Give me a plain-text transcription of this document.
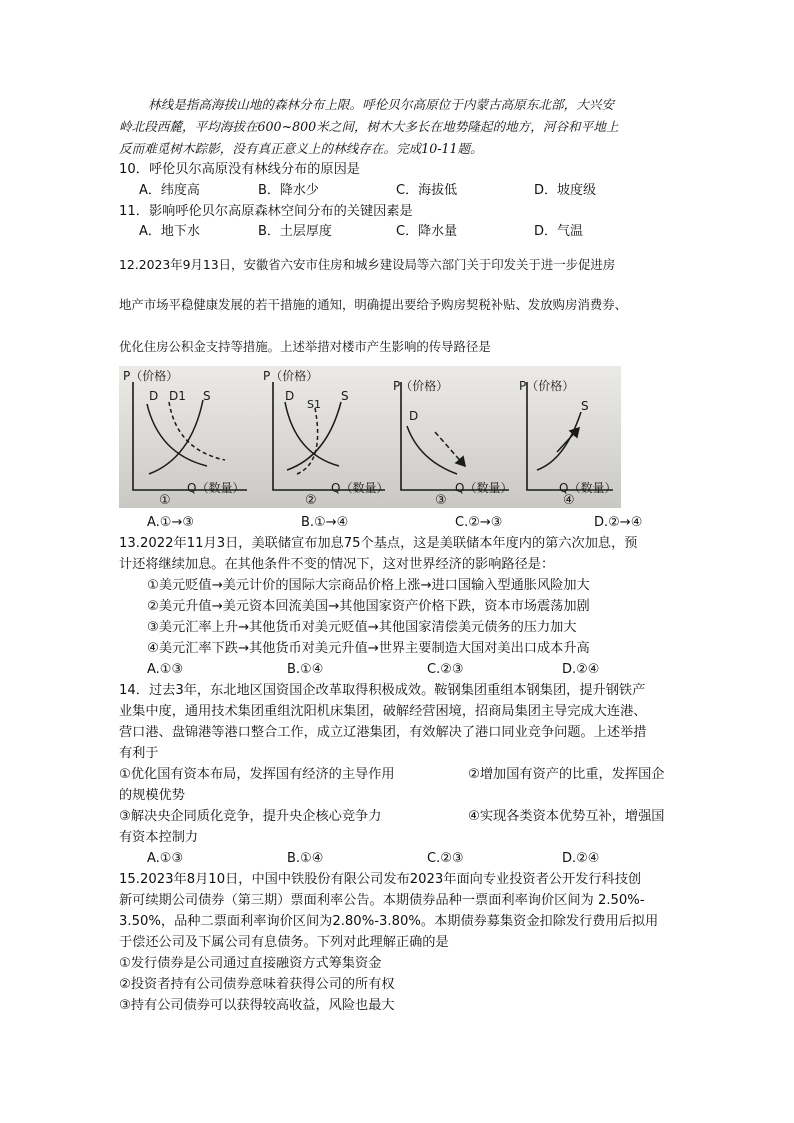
林线是指高海拔山地的森林分布上限。呼伦贝尔高原位于内蒙古高原东北部，大兴安
岭北段西麓，平均海拔在600~800米之间，树木大多长在地势隆起的地方，河谷和平地上
反而难觅树木踪影，没有真正意义上的林线存在。完成10-11题。
10．呼伦贝尔高原没有林线分布的原因是
A．纬度高	B．降水少	C．海拔低	D．坡度级
11．影响呼伦贝尔高原森林空间分布的关键因素是
A．地下水	B．土层厚度	C．降水量	D．气温
12.2023年9月13日，安徽省六安市住房和城乡建设局等六部门关于印发关于进一步促进房
地产市场平稳健康发展的若干措施的通知，明确提出要给予购房契税补贴、发放购房消费券、
优化住房公积金支持等措施。上述举措对楼市产生影响的传导路径是
P（价格）
Q（数量）
①
D D1 S
P（价格）
Q（数量）
②
D
S1
S
P（价格）
Q（数量）
③
D
P（价格）
Q（数量）
④
S
A.①→③	B.①→④	C.②→③	D.②→④
13.2022年11月3日，美联储宣布加息75个基点，这是美联储本年度内的第六次加息，预
计还将继续加息。在其他条件不变的情况下，这对世界经济的影响路径是：
①美元贬值→美元计价的国际大宗商品价格上涨→进口国输入型通胀风险加大
②美元升值→美元资本回流美国→其他国家资产价格下跌，资本市场震荡加剧
③美元汇率上升→其他货币对美元贬值→其他国家清偿美元债务的压力加大
④美元汇率下跌→其他货币对美元升值→世界主要制造大国对美出口成本升高
A.①③	B.①④	C.②③	D.②④
14．过去3年，东北地区国资国企改革取得积极成效。鞍钢集团重组本钢集团，提升钢铁产
业集中度，通用技术集团重组沈阳机床集团，破解经营困境，招商局集团主导完成大连港、
营口港、盘锦港等港口整合工作，成立辽港集团，有效解决了港口同业竞争问题。上述举措
有利于
①优化国有资本布局，发挥国有经济的主导作用	②增加国有资产的比重，发挥国企
的规模优势
③解决央企同质化竞争，提升央企核心竞争力	④实现各类资本优势互补，增强国
有资本控制力
A.①③	B.①④	C.②③	D.②④
15.2023年8月10日，中国中铁股份有限公司发布2023年面向专业投资者公开发行科技创
新可续期公司债券（第三期）票面利率公告。本期债券品种一票面利率询价区间为 2.50%-
3.50%，品种二票面利率询价区间为2.80%-3.80%。本期债券募集资金扣除发行费用后拟用
于偿还公司及下属公司有息债务。下列对此理解正确的是
①发行债券是公司通过直接融资方式筹集资金
②投资者持有公司债券意味着获得公司的所有权
③持有公司债券可以获得较高收益，风险也最大
